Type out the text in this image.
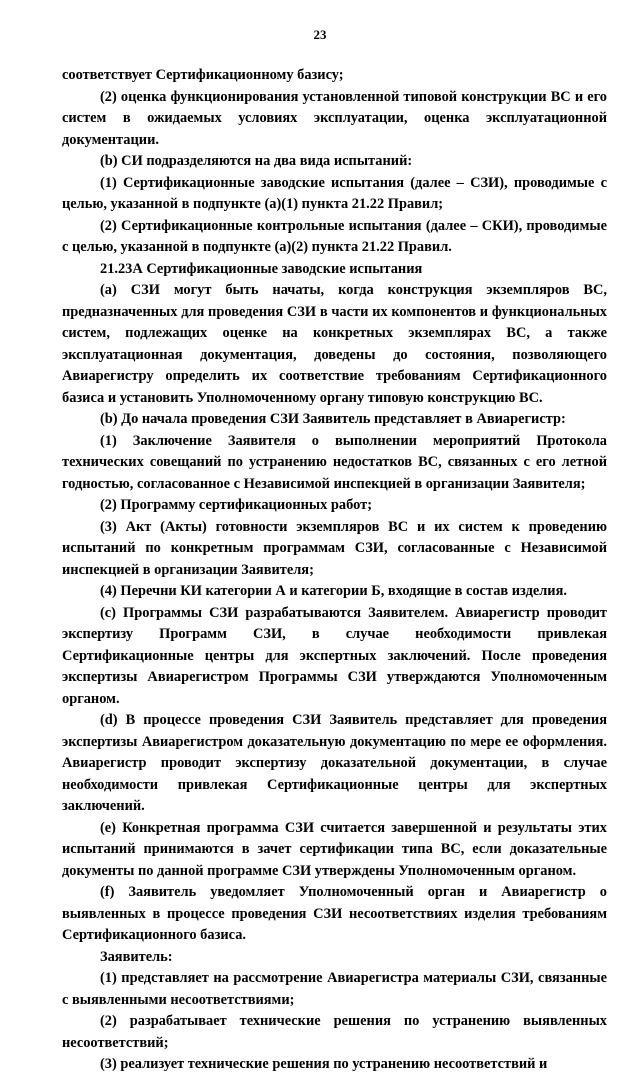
23

соответствует Сертификационному базису;

(2) оценка функционирования установленной типовой конструкции ВС и его систем в ожидаемых условиях эксплуатации, оценка эксплуатационной документации.

(b) СИ подразделяются на два вида испытаний:

(1) Сертификационные заводские испытания (далее – СЗИ), проводимые с целью, указанной в подпункте (a)(1) пункта 21.22 Правил;

(2) Сертификационные контрольные испытания (далее – СКИ), проводимые с целью, указанной в подпункте (a)(2) пункта 21.22 Правил.

21.23А Сертификационные заводские испытания

(a) СЗИ могут быть начаты, когда конструкция экземпляров ВС, предназначенных для проведения СЗИ в части их компонентов и функциональных систем, подлежащих оценке на конкретных экземплярах ВС, а также эксплуатационная документация, доведены до состояния, позволяющего Авиарегистру определить их соответствие требованиям Сертификационного базиса и установить Уполномоченному органу типовую конструкцию ВС.

(b) До начала проведения СЗИ Заявитель представляет в Авиарегистр:

(1) Заключение Заявителя о выполнении мероприятий Протокола технических совещаний по устранению недостатков ВС, связанных с его летной годностью, согласованное с Независимой инспекцией в организации Заявителя;

(2) Программу сертификационных работ;

(3) Акт (Акты) готовности экземпляров ВС и их систем к проведению испытаний по конкретным программам СЗИ, согласованные с Независимой инспекцией в организации Заявителя;

(4) Перечни КИ категории А и категории Б, входящие в состав изделия.

(c) Программы СЗИ разрабатываются Заявителем. Авиарегистр проводит экспертизу Программ СЗИ, в случае необходимости привлекая Сертификационные центры для экспертных заключений. После проведения экспертизы Авиарегистром Программы СЗИ утверждаются Уполномоченным органом.

(d) В процессе проведения СЗИ Заявитель представляет для проведения экспертизы Авиарегистром доказательную документацию по мере ее оформления. Авиарегистр проводит экспертизу доказательной документации, в случае необходимости привлекая Сертификационные центры для экспертных заключений.

(e) Конкретная программа СЗИ считается завершенной и результаты этих испытаний принимаются в зачет сертификации типа ВС, если доказательные документы по данной программе СЗИ утверждены Уполномоченным органом.

(f) Заявитель уведомляет Уполномоченный орган и Авиарегистр о выявленных в процессе проведения СЗИ несоответствиях изделия требованиям Сертификационного базиса.

Заявитель:

(1) представляет на рассмотрение Авиарегистра материалы СЗИ, связанные с выявленными несоответствиями;

(2) разрабатывает технические решения по устранению выявленных несоответствий;

(3) реализует технические решения по устранению несоответствий и
